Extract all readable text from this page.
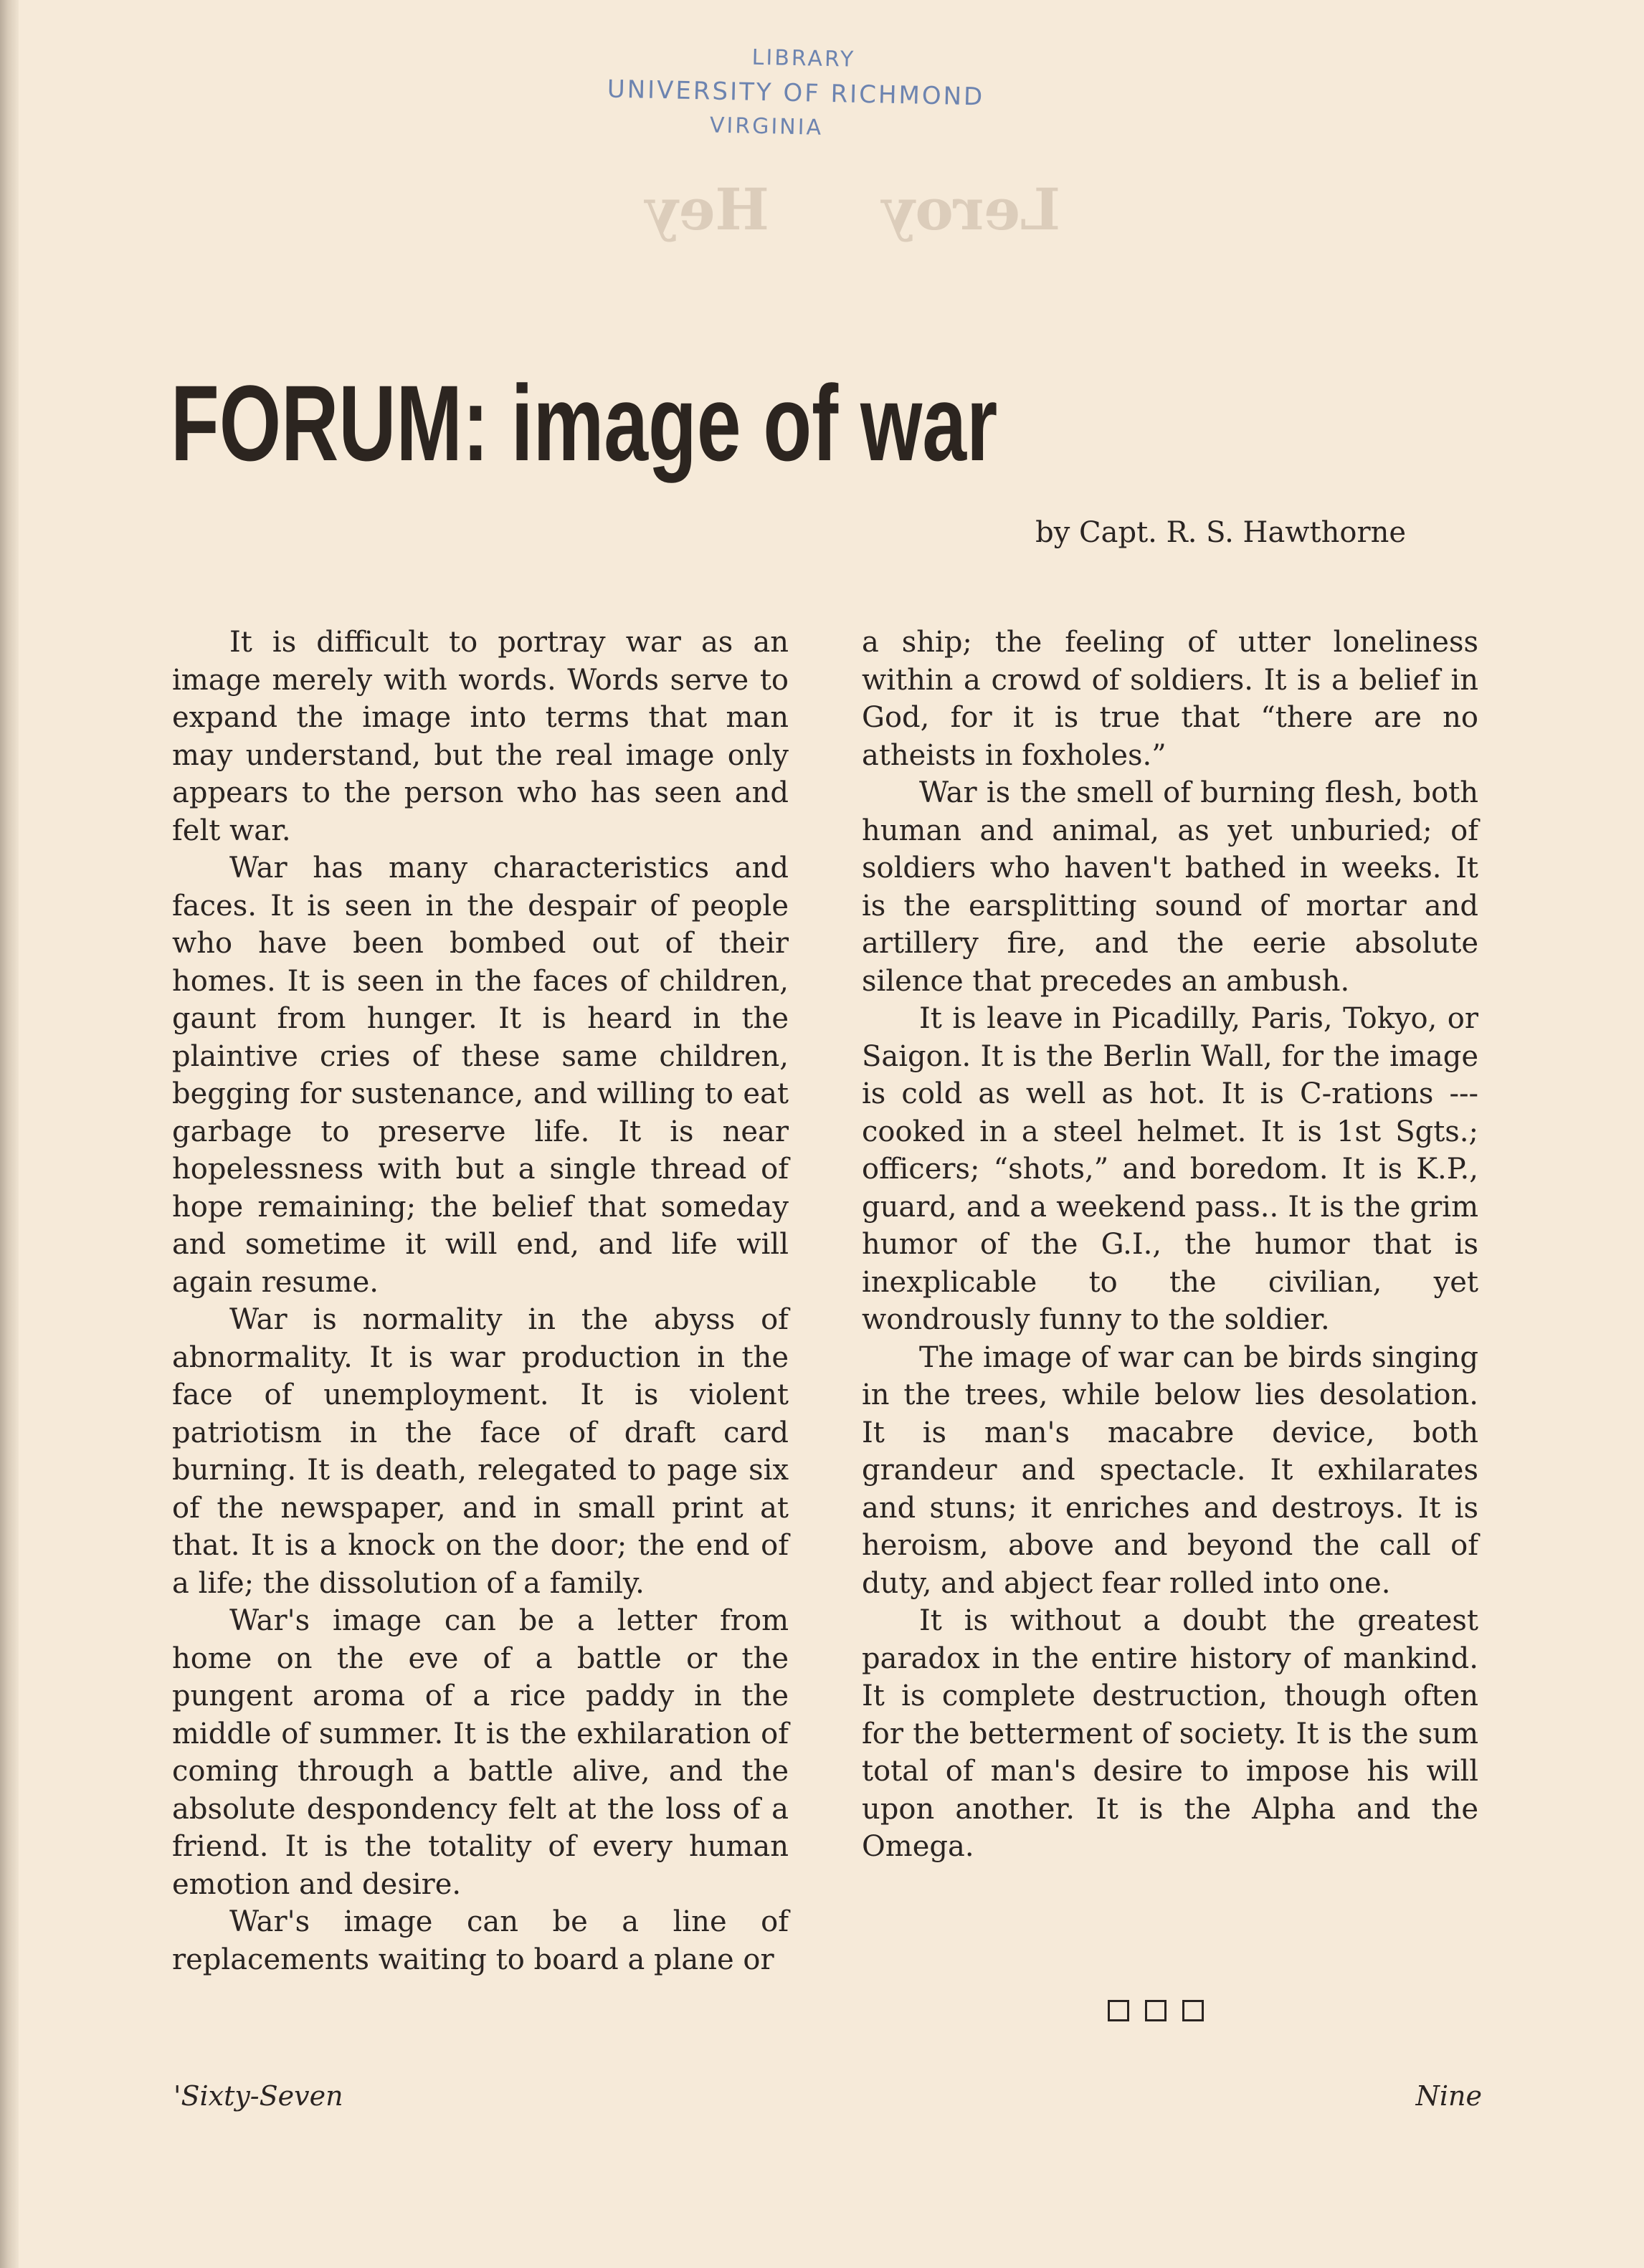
Hey Leroy
LIBRARY
UNIVERSITY OF RICHMOND
VIRGINIA
FORUM: image of war
by Capt. R. S. Hawthorne

It is difficult to portray war as an image merely with words. Words serve to expand the image into terms that man may understand, but the real image only appears to the person who has seen and felt war.

War has many characteristics and faces. It is seen in the despair of people who have been bombed out of their homes. It is seen in the faces of children, gaunt from hunger. It is heard in the plaintive cries of these same children, begging for sustenance, and willing to eat garbage to preserve life. It is near hopelessness with but a single thread of hope remaining; the belief that someday and sometime it will end, and life will again resume.

War is normality in the abyss of abnormality. It is war production in the face of unemployment. It is violent patriotism in the face of draft card burning. It is death, relegated to page six of the newspaper, and in small print at that. It is a knock on the door; the end of a life; the dissolution of a family.

War's image can be a letter from home on the eve of a battle or the pungent aroma of a rice paddy in the middle of summer. It is the exhilaration of coming through a battle alive, and the absolute despondency felt at the loss of a friend. It is the totality of every human emotion and desire.

War's image can be a line of replacements waiting to board a plane or

a ship; the feeling of utter loneliness within a crowd of soldiers. It is a belief in God, for it is true that “there are no atheists in foxholes.”

War is the smell of burning flesh, both human and animal, as yet unburied; of soldiers who haven't bathed in weeks. It is the earsplitting sound of mortar and artillery fire, and the eerie absolute silence that precedes an ambush.

It is leave in Picadilly, Paris, Tokyo, or Saigon. It is the Berlin Wall, for the image is cold as well as hot. It is C-rations --- cooked in a steel helmet. It is 1st Sgts.; officers; “shots,” and boredom. It is K.P., guard, and a weekend pass.. It is the grim humor of the G.I., the humor that is inexplicable to the civilian, yet wondrously funny to the soldier.

The image of war can be birds singing in the trees, while below lies desolation. It is man's macabre device, both grandeur and spectacle. It exhilarates and stuns; it enriches and destroys. It is heroism, above and beyond the call of duty, and abject fear rolled into one.

It is without a doubt the greatest paradox in the entire history of mankind. It is complete destruction, though often for the betterment of society. It is the sum total of man's desire to impose his will upon another. It is the Alpha and the Omega.

'Sixty-Seven	Nine
